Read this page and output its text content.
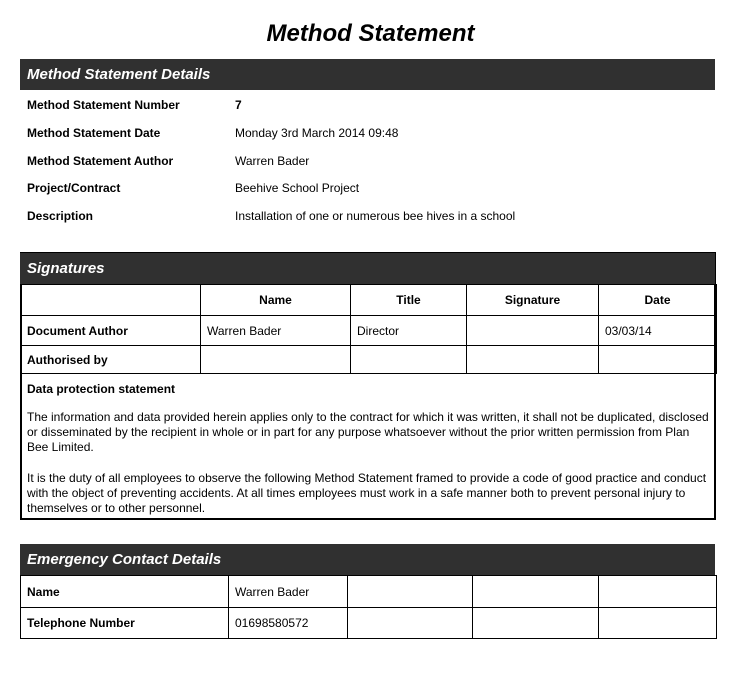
Method Statement
Method Statement Details
Method Statement Number	7
Method Statement Date	Monday 3rd March 2014 09:48
Method Statement Author	Warren Bader
Project/Contract	Beehive School Project
Description	Installation of one or numerous bee hives in a school
Signatures
	Name	Title	Signature	Date
Document Author	Warren Bader	Director		03/03/14
Authorised by				
Data protection statement
The information and data provided herein applies only to the contract for which it was written, it shall not be duplicated, disclosed or disseminated by the recipient in whole or in part for any purpose whatsoever without the prior written permission from Plan Bee Limited.
It is the duty of all employees to observe the following Method Statement framed to provide a code of good practice and conduct with the object of preventing accidents. At all times employees must work in a safe manner both to prevent personal injury to themselves or to other personnel.
Emergency Contact Details
Name	Warren Bader			
Telephone Number	01698580572			
